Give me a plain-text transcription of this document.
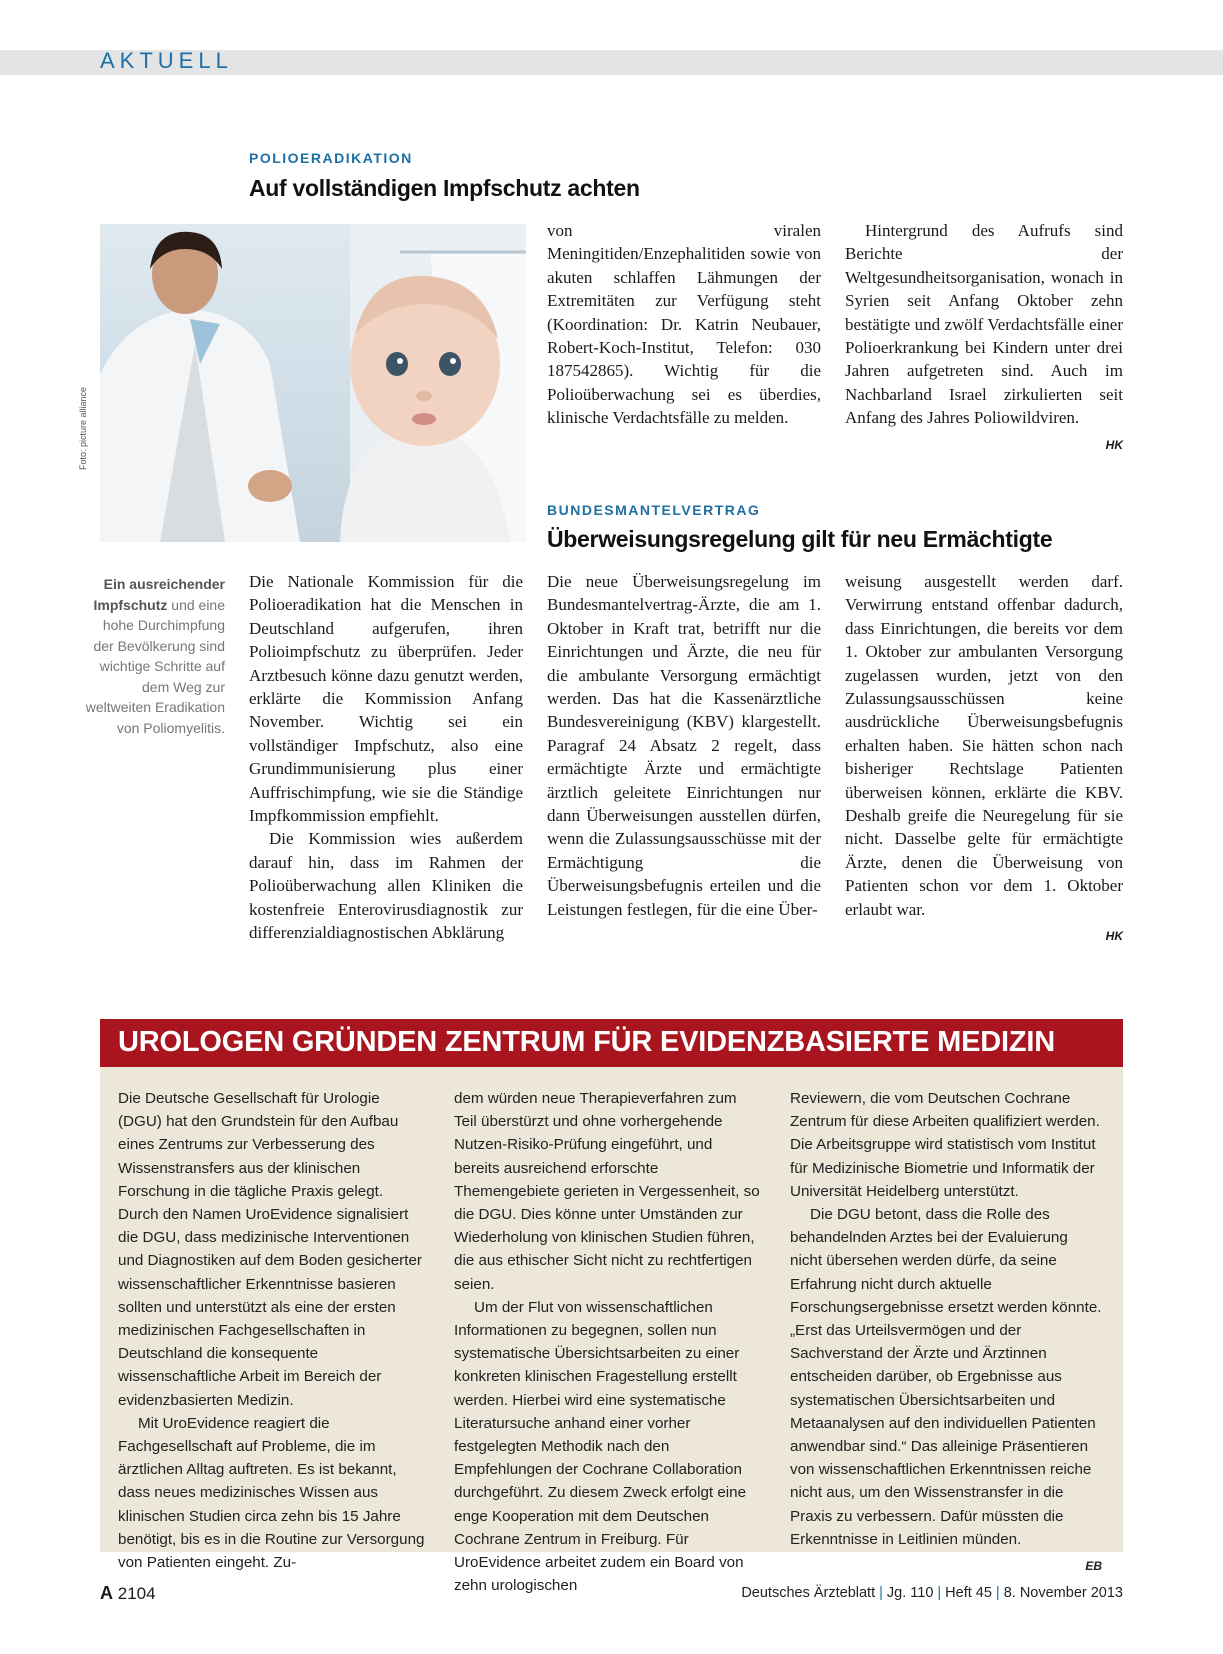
AKTUELL
POLIOERADIKATION
Auf vollständigen Impfschutz achten
Foto: picture alliance
Ein ausreichender Impfschutz und eine hohe Durchimpfung der Bevölkerung sind wichtige Schritte auf dem Weg zur weltweiten Eradikation von Poliomyelitis.

Die Nationale Kommission für die Polioeradikation hat die Menschen in Deutschland aufgerufen, ihren Polioimpfschutz zu überprüfen. Jeder Arztbesuch könne dazu genutzt werden, erklärte die Kommission Anfang November. Wichtig sei ein vollständiger Impfschutz, also eine Grundimmunisierung plus einer Auffrischimpfung, wie sie die Ständige Impfkommission empfiehlt.

Die Kommission wies außerdem darauf hin, dass im Rahmen der Polioüberwachung allen Kliniken die kostenfreie Enterovirusdiagnostik zur differenzialdiagnostischen Abklärung

von viralen Meningitiden/Enzephalitiden sowie von akuten schlaffen Lähmungen der Extremitäten zur Verfügung steht (Koordination: Dr. Katrin Neubauer, Robert-Koch-Institut, Telefon: 030 187542865). Wichtig für die Polioüberwachung sei es überdies, klinische Verdachtsfälle zu melden.

Hintergrund des Aufrufs sind Berichte der Weltgesundheitsorganisation, wonach in Syrien seit Anfang Oktober zehn bestätigte und zwölf Verdachtsfälle einer Polioerkrankung bei Kindern unter drei Jahren aufgetreten sind. Auch im Nachbarland Israel zirkulierten seit Anfang des Jahres Poliowildviren.

HK
BUNDESMANTELVERTRAG
Überweisungsregelung gilt für neu Ermächtigte

Die neue Überweisungsregelung im Bundesmantelvertrag-Ärzte, die am 1. Oktober in Kraft trat, betrifft nur die Einrichtungen und Ärzte, die neu für die ambulante Versorgung ermächtigt werden. Das hat die Kassenärztliche Bundesvereinigung (KBV) klargestellt. Paragraf 24 Absatz 2 regelt, dass ermächtigte Ärzte und ermächtigte ärztlich geleitete Einrichtungen nur dann Überweisungen ausstellen dürfen, wenn die Zulassungsausschüsse mit der Ermächtigung die Überweisungsbefugnis erteilen und die Leistungen festlegen, für die eine Über-

weisung ausgestellt werden darf. Verwirrung entstand offenbar dadurch, dass Einrichtungen, die bereits vor dem 1. Oktober zur ambulanten Versorgung zugelassen wurden, jetzt von den Zulassungsausschüssen keine ausdrückliche Überweisungsbefugnis erhalten haben. Sie hätten schon nach bisheriger Rechtslage Patienten überweisen können, erklärte die KBV. Deshalb greife die Neuregelung für sie nicht. Dasselbe gelte für ermächtigte Ärzte, denen die Überweisung von Patienten schon vor dem 1. Oktober erlaubt war.

HK
UROLOGEN GRÜNDEN ZENTRUM FÜR EVIDENZBASIERTE MEDIZIN

Die Deutsche Gesellschaft für Urologie (DGU) hat den Grundstein für den Aufbau eines Zentrums zur Verbesserung des Wissenstransfers aus der klinischen Forschung in die tägliche Praxis gelegt. Durch den Namen UroEvidence signalisiert die DGU, dass medizinische Interventionen und Diagnostiken auf dem Boden gesicherter wissenschaftlicher Erkenntnisse basieren sollten und unterstützt als eine der ersten medizinischen Fachgesellschaften in Deutschland die konsequente wissenschaftliche Arbeit im Bereich der evidenzbasierten Medizin.

Mit UroEvidence reagiert die Fachgesellschaft auf Probleme, die im ärztlichen Alltag auftreten. Es ist bekannt, dass neues medizinisches Wissen aus klinischen Studien circa zehn bis 15 Jahre benötigt, bis es in die Routine zur Versorgung von Patienten eingeht. Zu-

dem würden neue Therapieverfahren zum Teil überstürzt und ohne vorhergehende Nutzen-Risiko-Prüfung eingeführt, und bereits ausreichend erforschte Themengebiete gerieten in Vergessenheit, so die DGU. Dies könne unter Umständen zur Wiederholung von klinischen Studien führen, die aus ethischer Sicht nicht zu rechtfertigen seien.

Um der Flut von wissenschaftlichen Informationen zu begegnen, sollen nun systematische Übersichtsarbeiten zu einer konkreten klinischen Fragestellung erstellt werden. Hierbei wird eine systematische Literatursuche anhand einer vorher festgelegten Methodik nach den Empfehlungen der Cochrane Collaboration durchgeführt. Zu diesem Zweck erfolgt eine enge Kooperation mit dem Deutschen Cochrane Zentrum in Freiburg. Für UroEvidence arbeitet zudem ein Board von zehn urologischen

Reviewern, die vom Deutschen Cochrane Zentrum für diese Arbeiten qualifiziert werden. Die Arbeitsgruppe wird statistisch vom Institut für Medizinische Biometrie und Informatik der Universität Heidelberg unterstützt.

Die DGU betont, dass die Rolle des behandelnden Arztes bei der Evaluierung nicht übersehen werden dürfe, da seine Erfahrung nicht durch aktuelle Forschungsergebnisse ersetzt werden könnte. „Erst das Urteilsvermögen und der Sachverstand der Ärzte und Ärztinnen entscheiden darüber, ob Ergebnisse aus systematischen Übersichtsarbeiten und Metaanalysen auf den individuellen Patienten anwendbar sind.“ Das alleinige Präsentieren von wissenschaftlichen Erkenntnissen reiche nicht aus, um den Wissenstransfer in die Praxis zu verbessern. Dafür müssten die Erkenntnisse in Leitlinien münden.

EB
A 2104	Deutsches Ärzteblatt | Jg. 110 | Heft 45 | 8. November 2013
